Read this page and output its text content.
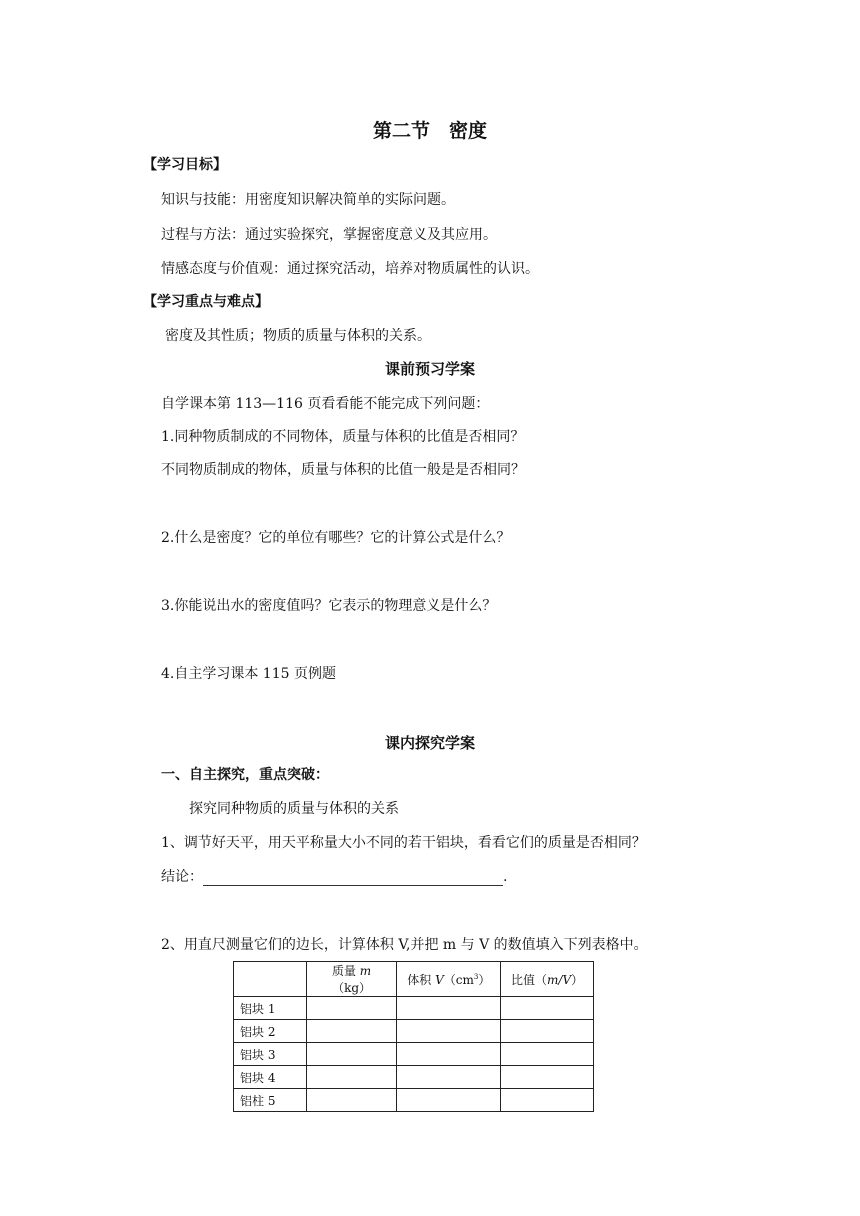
第二节　密度
【学习目标】
知识与技能：用密度知识解决简单的实际问题。
过程与方法：通过实验探究，掌握密度意义及其应用。
情感态度与价值观：通过探究活动，培养对物质属性的认识。
【学习重点与难点】
密度及其性质；物质的质量与体积的关系。
课前预习学案
自学课本第 113—116 页看看能不能完成下列问题：
1.同种物质制成的不同物体，质量与体积的比值是否相同？
不同物质制成的物体，质量与体积的比值一般是是否相同？
2.什么是密度？它的单位有哪些？它的计算公式是什么？
3.你能说出水的密度值吗？它表示的物理意义是什么？
4.自主学习课本 115 页例题
课内探究学案
一、自主探究，重点突破：
探究同种物质的质量与体积的关系
1、调节好天平，用天平称量大小不同的若干铝块，看看它们的质量是否相同？
结论：	.
2、用直尺测量它们的边长，计算体积 V,并把 m 与 V 的数值填入下列表格中。
	质量 m（kg）	体积 $V(cm^3)$	比值（m/V）
铝块 1			
铝块 2			
铝块 3			
铝块 4			
铝柱 5			
